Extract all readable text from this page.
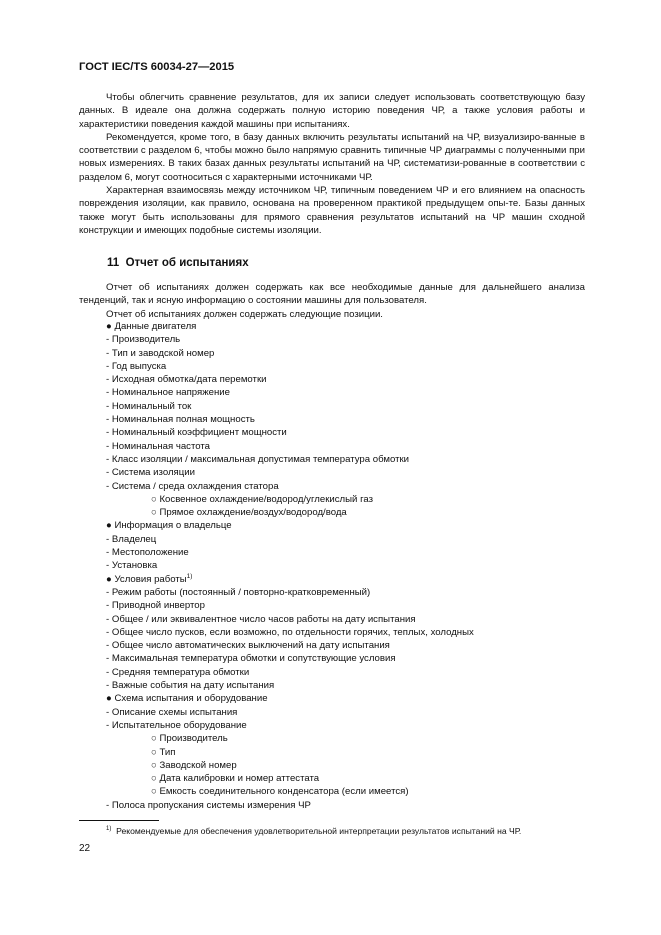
ГОСТ IEC/TS 60034-27—2015

Чтобы облегчить сравнение результатов, для их записи следует использовать соответствующую базу данных. В идеале она должна содержать полную историю поведения ЧР, а также условия работы и характеристики поведения каждой машины при испытаниях.

Рекомендуется, кроме того, в базу данных включить результаты испытаний на ЧР, визуализиро-ванные в соответствии с разделом 6, чтобы можно было напрямую сравнить типичные ЧР диаграммы с полученными при новых измерениях. В таких базах данных результаты испытаний на ЧР, систематизи-рованные в соответствии с разделом 6, могут соотноситься с характерными источниками ЧР.

Характерная взаимосвязь между источником ЧР, типичным поведением ЧР и его влиянием на опасность повреждения изоляции, как правило, основана на проверенном практикой предыдущем опы-те. Базы данных также могут быть использованы для прямого сравнения результатов испытаний на ЧР машин сходной конструкции и имеющих подобные системы изоляции.

11 Отчет об испытаниях

Отчет об испытаниях должен содержать как все необходимые данные для дальнейшего анализа тенденций, так и ясную информацию о состоянии машины для пользователя.

Отчет об испытаниях должен содержать следующие позиции.

● Данные двигателя
- Производитель
- Тип и заводской номер
- Год выпуска
- Исходная обмотка/дата перемотки
- Номинальное напряжение
- Номинальный ток
- Номинальная полная мощность
- Номинальный коэффициент мощности
- Номинальная частота
- Класс изоляции / максимальная допустимая температура обмотки
- Система изоляции
- Система / среда охлаждения статора
○ Косвенное охлаждение/водород/углекислый газ
○ Прямое охлаждение/воздух/водород/вода
● Информация о владельце
- Владелец
- Местоположение
- Установка
● Условия работы$^{1)}$
- Режим работы (постоянный / повторно-кратковременный)
- Приводной инвертор
- Общее / или эквивалентное число часов работы на дату испытания
- Общее число пусков, если возможно, по отдельности горячих, теплых, холодных
- Общее число автоматических выключений на дату испытания
- Максимальная температура обмотки и сопутствующие условия
- Средняя температура обмотки
- Важные события на дату испытания
● Схема испытания и оборудование
- Описание схемы испытания
- Испытательное оборудование
○ Производитель
○ Тип
○ Заводской номер
○ Дата калибровки и номер аттестата
○ Емкость соединительного конденсатора (если имеется)
- Полоса пропускания системы измерения ЧР
$^{1)}$ Рекомендуемые для обеспечения удовлетворительной интерпретации результатов испытаний на ЧР.
22
